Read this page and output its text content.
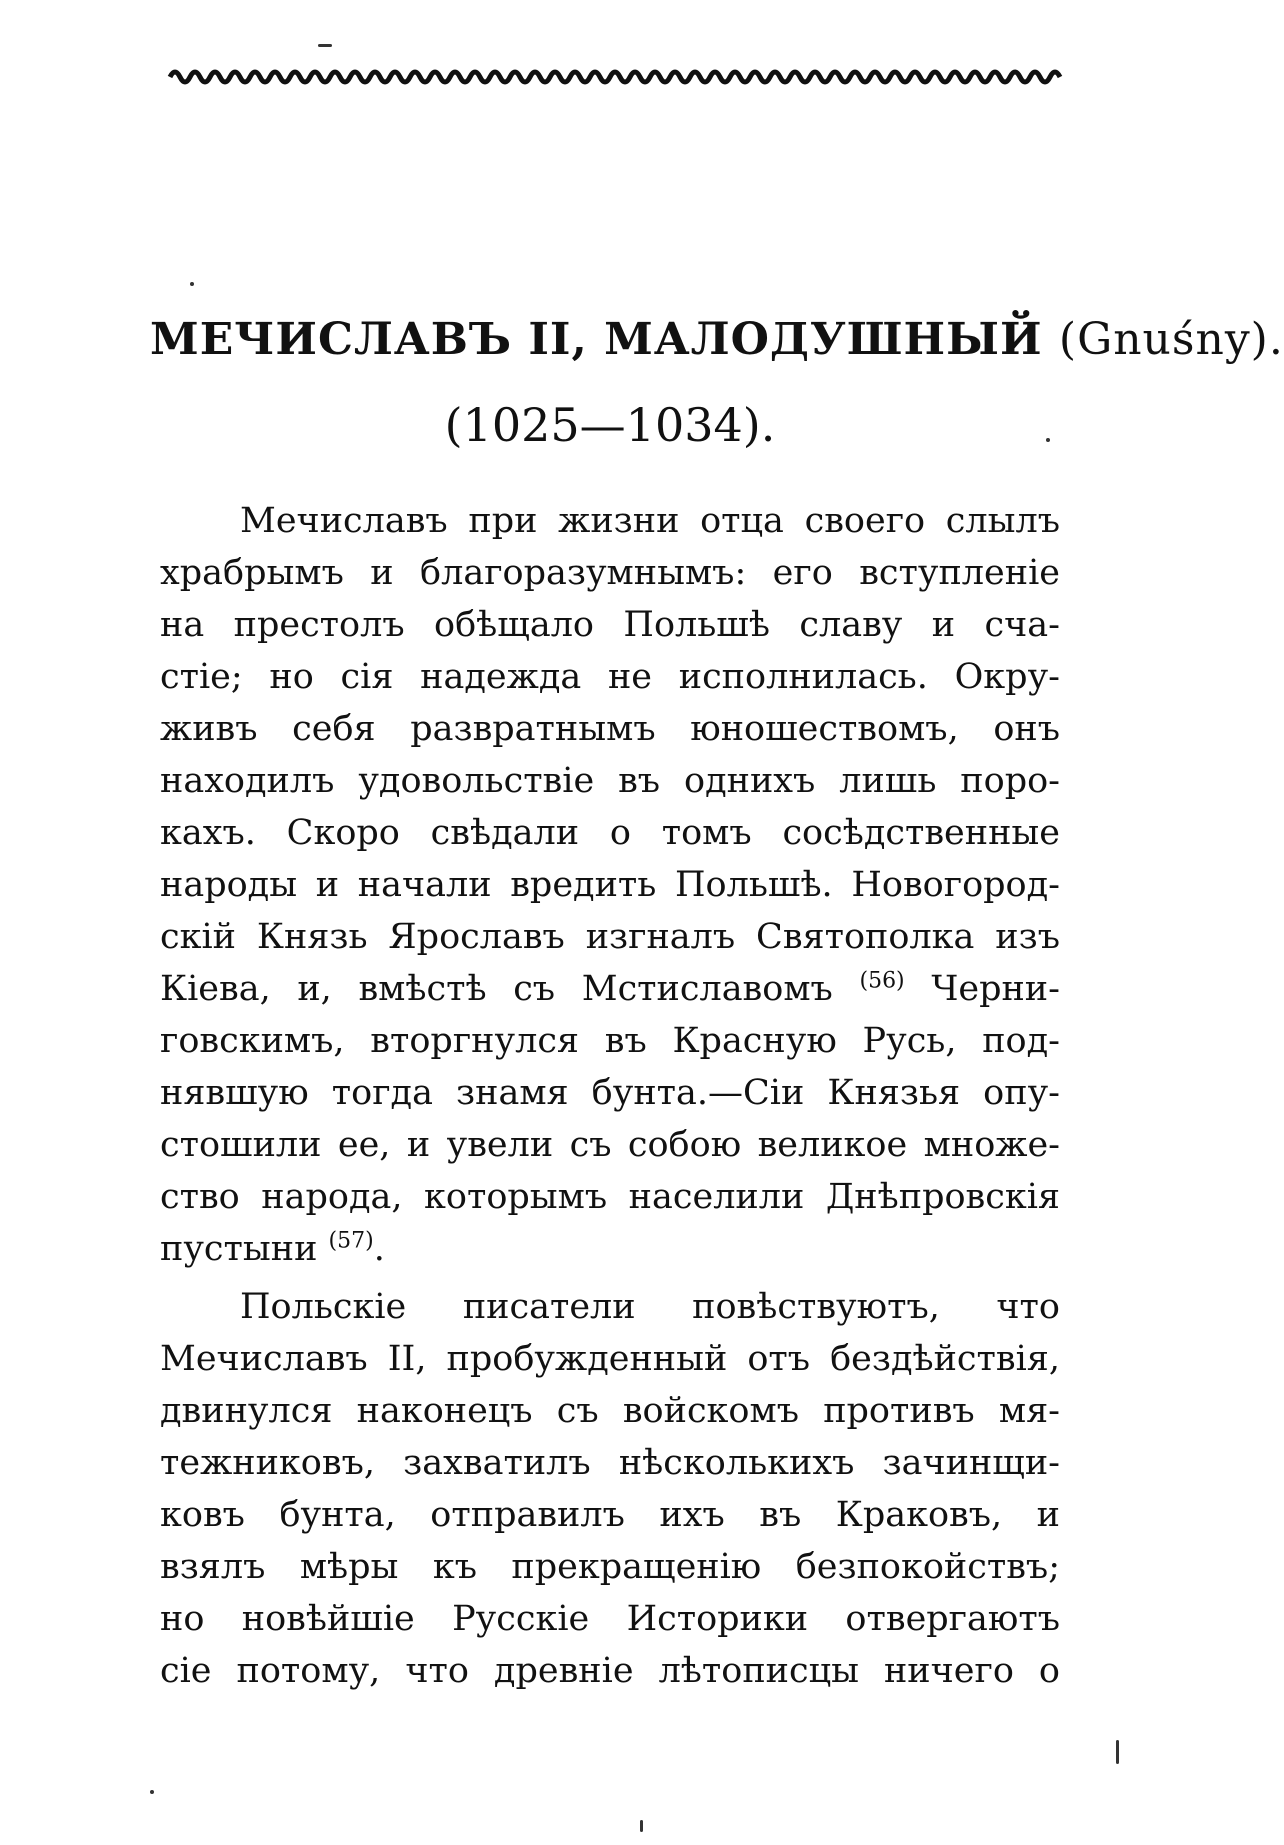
МЕЧИСЛАВЪ II, МАЛОДУШНЫЙ (Gnuśny).
(1025—1034).
Мечиславъ при жизни отца своего слылъ
храбрымъ и благоразумнымъ: его вступленіе
на престолъ обѣщало Польшѣ славу и сча-
стіе; но сія надежда не исполнилась. Окру-
живъ себя развратнымъ юношествомъ, онъ
находилъ удовольствіе въ однихъ лишь поро-
кахъ. Скоро свѣдали о томъ сосѣдственные
народы и начали вредить Польшѣ. Новогород-
скій Князь Ярославъ изгналъ Святополка изъ
Кіева, и, вмѣстѣ съ Мстиславомъ $^{(56)}$ Черни-
говскимъ, вторгнулся въ Красную Русь, под-
нявшую тогда знамя бунта.—Сіи Князья опу-
стошили ее, и увели съ собою великое множе-
ство народа, которымъ населили Днѣпровскія
пустыни $^{(57)}$.
Польскіе писатели повѣствуютъ, что
Мечиславъ II, пробужденный отъ бездѣйствія,
двинулся наконецъ съ войскомъ противъ мя-
тежниковъ, захватилъ нѣсколькихъ зачинщи-
ковъ бунта, отправилъ ихъ въ Краковъ, и
взялъ мѣры къ прекращенію безпокойствъ;
но новѣйшіе Русскіе Историки отвергаютъ
сіе потому, что древніе лѣтописцы ничего о
